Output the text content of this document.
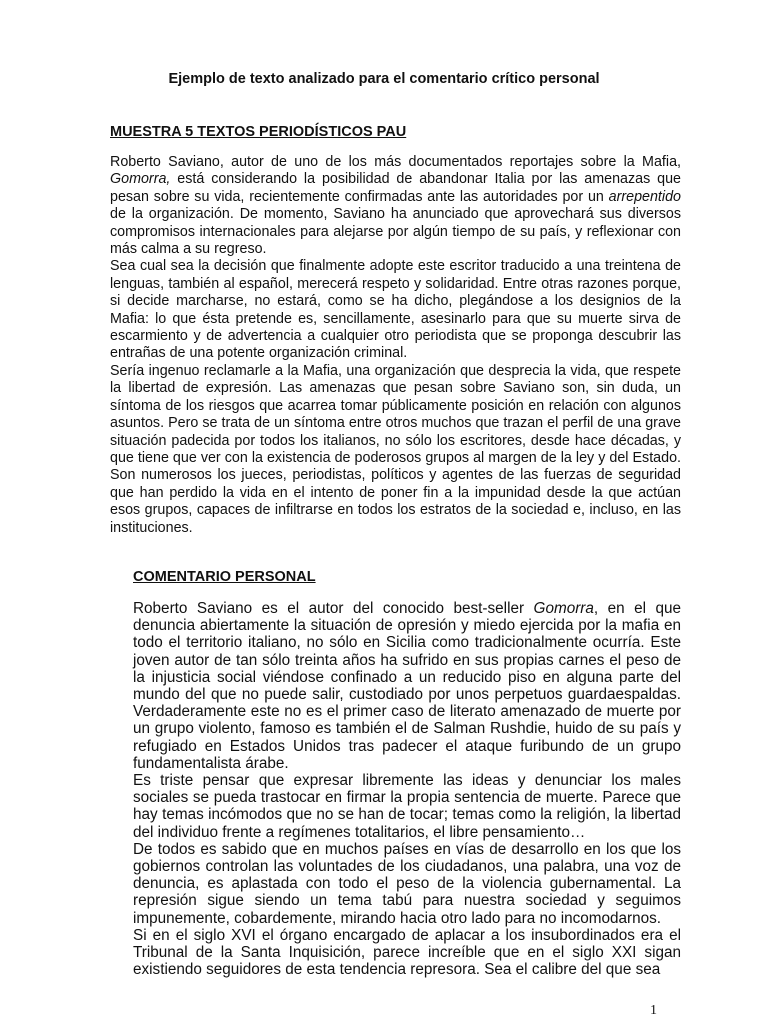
Ejemplo de texto analizado para el comentario crítico personal
MUESTRA 5 TEXTOS PERIODÍSTICOS PAU

Roberto Saviano, autor de uno de los más documentados reportajes sobre la Mafia, Gomorra, está considerando la posibilidad de abandonar Italia por las amenazas que pesan sobre su vida, recientemente confirmadas ante las autoridades por un arrepentido de la organización. De momento, Saviano ha anunciado que aprovechará sus diversos compromisos internacionales para alejarse por algún tiempo de su país, y reflexionar con más calma a su regreso.

Sea cual sea la decisión que finalmente adopte este escritor traducido a una treintena de lenguas, también al español, merecerá respeto y solidaridad. Entre otras razones porque, si decide marcharse, no estará, como se ha dicho, plegándose a los designios de la Mafia: lo que ésta pretende es, sencillamente, asesinarlo para que su muerte sirva de escarmiento y de advertencia a cualquier otro periodista que se proponga descubrir las entrañas de una potente organización criminal.

Sería ingenuo reclamarle a la Mafia, una organización que desprecia la vida, que respete la libertad de expresión. Las amenazas que pesan sobre Saviano son, sin duda, un síntoma de los riesgos que acarrea tomar públicamente posición en relación con algunos asuntos. Pero se trata de un síntoma entre otros muchos que trazan el perfil de una grave situación padecida por todos los italianos, no sólo los escritores, desde hace décadas, y que tiene que ver con la existencia de poderosos grupos al margen de la ley y del Estado. Son numerosos los jueces, periodistas, políticos y agentes de las fuerzas de seguridad que han perdido la vida en el intento de poner fin a la impunidad desde la que actúan esos grupos, capaces de infiltrarse en todos los estratos de la sociedad e, incluso, en las instituciones.

COMENTARIO PERSONAL

Roberto Saviano es el autor del conocido best-seller Gomorra, en el que denuncia abiertamente la situación de opresión y miedo ejercida por la mafia en todo el territorio italiano, no sólo en Sicilia como tradicionalmente ocurría. Este joven autor de tan sólo treinta años ha sufrido en sus propias carnes el peso de la injusticia social viéndose confinado a un reducido piso en alguna parte del mundo del que no puede salir, custodiado por unos perpetuos guardaespaldas. Verdaderamente este no es el primer caso de literato amenazado de muerte por un grupo violento, famoso es también el de Salman Rushdie, huido de su país y refugiado en Estados Unidos tras padecer el ataque furibundo de un grupo fundamentalista árabe.

Es triste pensar que expresar libremente las ideas y denunciar los males sociales se pueda trastocar en firmar la propia sentencia de muerte. Parece que hay temas incómodos que no se han de tocar; temas como la religión, la libertad del individuo frente a regímenes totalitarios, el libre pensamiento…

De todos es sabido que en muchos países en vías de desarrollo en los que los gobiernos controlan las voluntades de los ciudadanos, una palabra, una voz de denuncia, es aplastada con todo el peso de la violencia gubernamental. La represión sigue siendo un tema tabú para nuestra sociedad y seguimos impunemente, cobardemente, mirando hacia otro lado para no incomodarnos.

Si en el siglo XVI el órgano encargado de aplacar a los insubordinados era el Tribunal de la Santa Inquisición, parece increíble que en el siglo XXI sigan existiendo seguidores de esta tendencia represora. Sea el calibre del que sea

1
